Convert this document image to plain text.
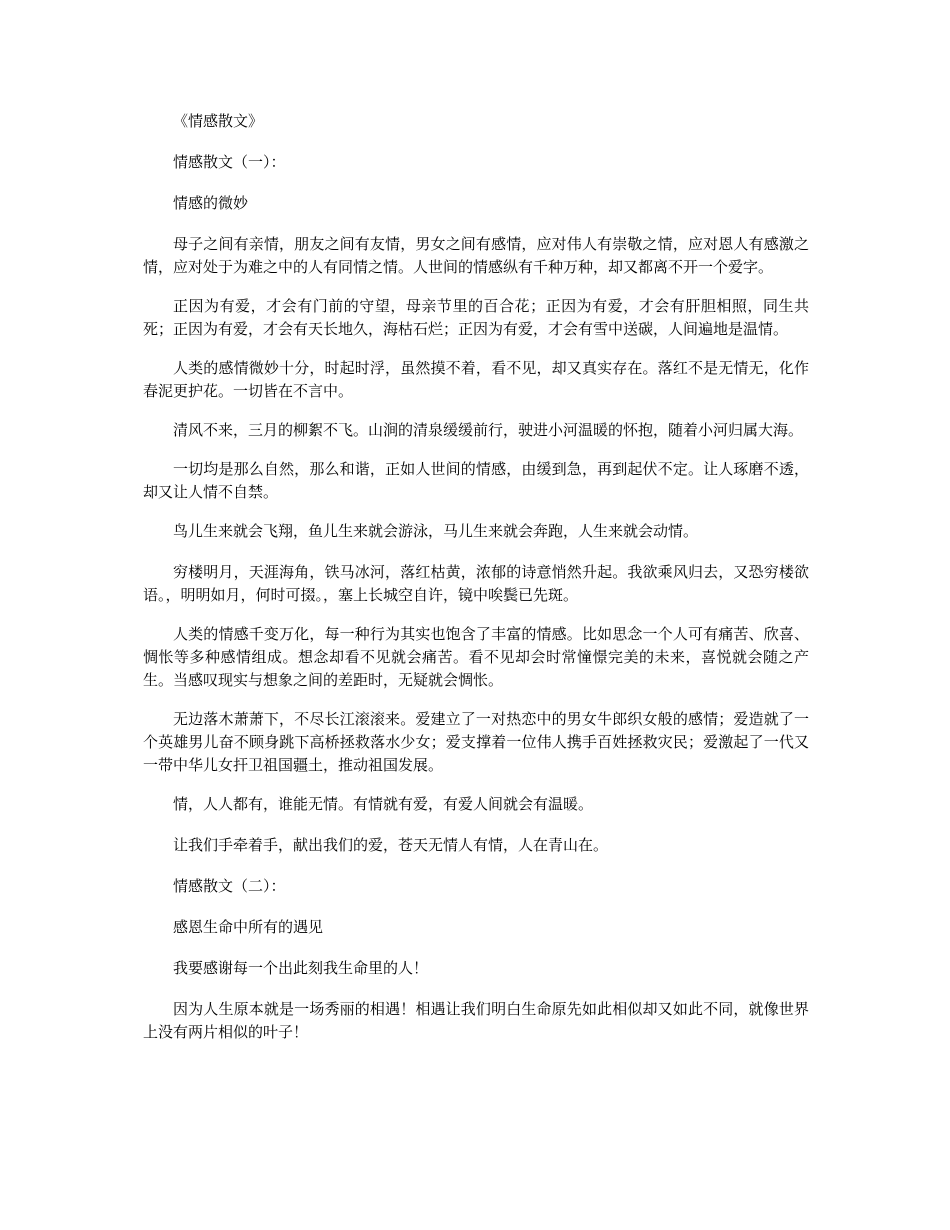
《情感散文》

情感散文（一）：

情感的微妙

母子之间有亲情，朋友之间有友情，男女之间有感情，应对伟人有崇敬之情，应对恩人有感激之情，应对处于为难之中的人有同情之情。人世间的情感纵有千种万种，却又都离不开一个爱字。

正因为有爱，才会有门前的守望，母亲节里的百合花；正因为有爱，才会有肝胆相照，同生共死；正因为有爱，才会有天长地久，海枯石烂；正因为有爱，才会有雪中送碳，人间遍地是温情。

人类的感情微妙十分，时起时浮，虽然摸不着，看不见，却又真实存在。落红不是无情无，化作春泥更护花。一切皆在不言中。

清风不来，三月的柳絮不飞。山涧的清泉缓缓前行，驶进小河温暖的怀抱，随着小河归属大海。

一切均是那么自然，那么和谐，正如人世间的情感，由缓到急，再到起伏不定。让人琢磨不透，却又让人情不自禁。

鸟儿生来就会飞翔，鱼儿生来就会游泳，马儿生来就会奔跑，人生来就会动情。

穷楼明月，天涯海角，铁马冰河，落红枯黄，浓郁的诗意悄然升起。我欲乘风归去，又恐穷楼欲语。，明明如月，何时可掇。，塞上长城空自许，镜中唉鬓已先斑。

人类的情感千变万化，每一种行为其实也饱含了丰富的情感。比如思念一个人可有痛苦、欣喜、惆怅等多种感情组成。想念却看不见就会痛苦。看不见却会时常憧憬完美的未来，喜悦就会随之产生。当感叹现实与想象之间的差距时，无疑就会惆怅。

无边落木萧萧下，不尽长江滚滚来。爱建立了一对热恋中的男女牛郎织女般的感情；爱造就了一个英雄男儿奋不顾身跳下高桥拯救落水少女；爱支撑着一位伟人携手百姓拯救灾民；爱激起了一代又一带中华儿女扞卫祖国疆土，推动祖国发展。

情，人人都有，谁能无情。有情就有爱，有爱人间就会有温暖。

让我们手牵着手，献出我们的爱，苍天无情人有情，人在青山在。

情感散文（二）：

感恩生命中所有的遇见

我要感谢每一个出此刻我生命里的人！

因为人生原本就是一场秀丽的相遇！相遇让我们明白生命原先如此相似却又如此不同，就像世界上没有两片相似的叶子！
